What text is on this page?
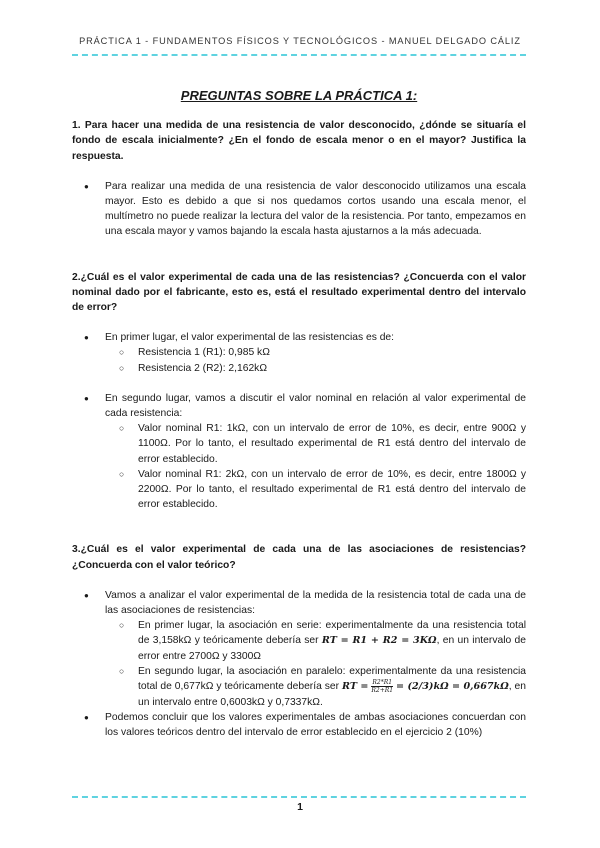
PRÁCTICA 1 - FUNDAMENTOS FÍSICOS Y TECNOLÓGICOS - MANUEL DELGADO CÁLIZ
PREGUNTAS SOBRE LA PRÁCTICA 1:

1. Para hacer una medida de una resistencia de valor desconocido, ¿dónde se situaría el fondo de escala inicialmente? ¿En el fondo de escala menor o en el mayor? Justifica la respuesta.

● Para realizar una medida de una resistencia de valor desconocido utilizamos una escala mayor. Esto es debido a que si nos quedamos cortos usando una escala menor, el multímetro no puede realizar la lectura del valor de la resistencia. Por tanto, empezamos en una escala mayor y vamos bajando la escala hasta ajustarnos a la más adecuada.

2.¿Cuál es el valor experimental de cada una de las resistencias? ¿Concuerda con el valor nominal dado por el fabricante, esto es, está el resultado experimental dentro del intervalo de error?

● En primer lugar, el valor experimental de las resistencias es de:
○ Resistencia 1 (R1): 0,985 kΩ
○ Resistencia 2 (R2): 2,162kΩ
● En segundo lugar, vamos a discutir el valor nominal en relación al valor experimental de cada resistencia:
○ Valor nominal R1: 1kΩ, con un intervalo de error de 10%, es decir, entre 900Ω y 1100Ω. Por lo tanto, el resultado experimental de R1 está dentro del intervalo de error establecido.
○ Valor nominal R1: 2kΩ, con un intervalo de error de 10%, es decir, entre 1800Ω y 2200Ω. Por lo tanto, el resultado experimental de R1 está dentro del intervalo de error establecido.

3.¿Cuál es el valor experimental de cada una de las asociaciones de resistencias? ¿Concuerda con el valor teórico?

● Vamos a analizar el valor experimental de la medida de la resistencia total de cada una de las asociaciones de resistencias:
○ En primer lugar, la asociación en serie: experimentalmente da una resistencia total de 3,158kΩ y teóricamente debería ser RT = R1 + R2 = 3KΩ, en un intervalo de error entre 2700Ω y 3300Ω
○ En segundo lugar, la asociación en paralelo: experimentalmente da una resistencia total de 0,677kΩ y teóricamente debería ser RT = $\frac{R2*R1}{R2+R1} = (2/3)k\Omega = 0,667k\Omega$, en un intervalo entre 0,6003kΩ y 0,7337kΩ.
● Podemos concluir que los valores experimentales de ambas asociaciones concuerdan con los valores teóricos dentro del intervalo de error establecido en el ejercicio 2 (10%)
1
